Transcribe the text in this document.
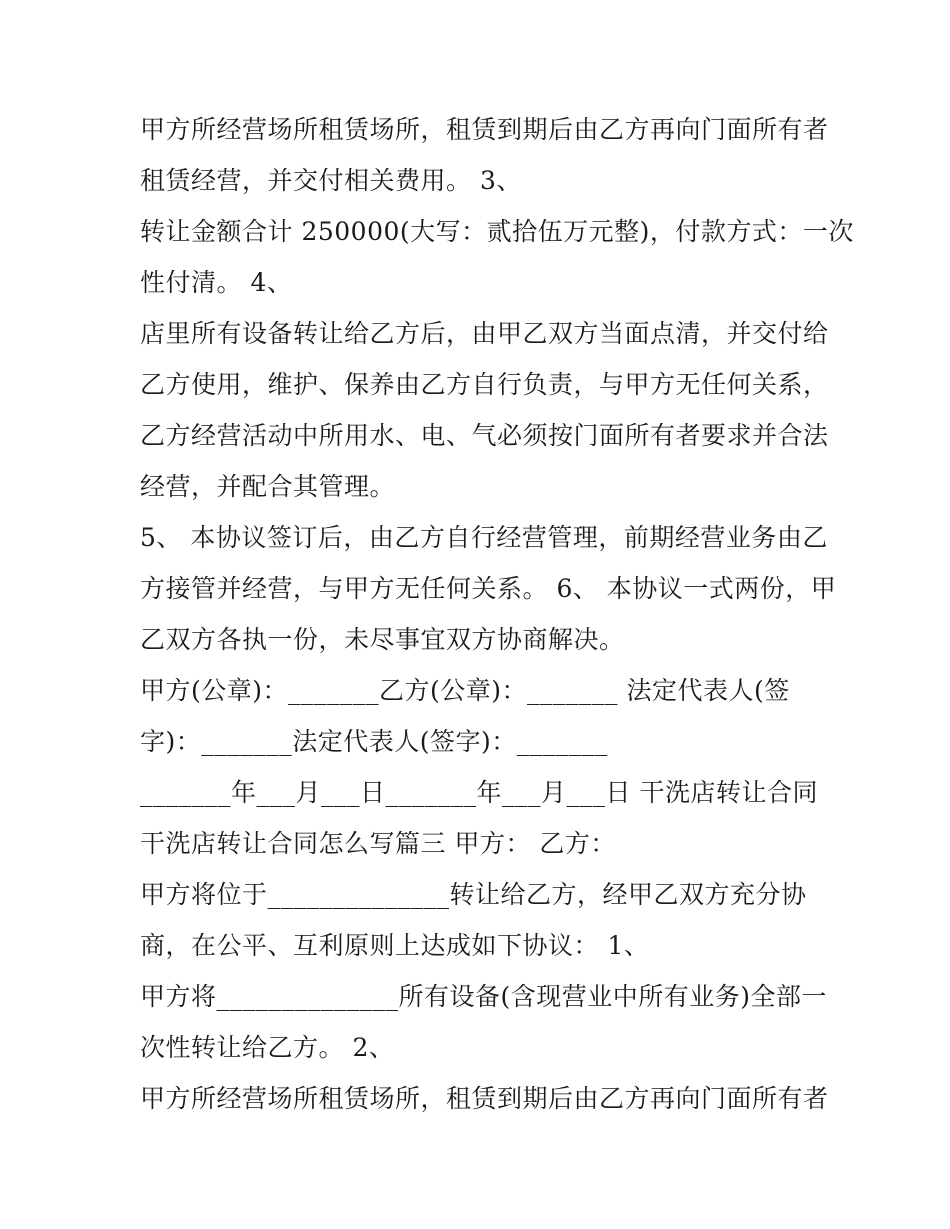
甲方所经营场所租赁场所，租赁到期后由乙方再向门面所有者
租赁经营，并交付相关费用。 3、
转让金额合计 250000(大写：贰拾伍万元整)，付款方式：一次
性付清。 4、
店里所有设备转让给乙方后，由甲乙双方当面点清，并交付给
乙方使用，维护、保养由乙方自行负责，与甲方无任何关系，
乙方经营活动中所用水、电、气必须按门面所有者要求并合法
经营，并配合其管理。
5、 本协议签订后，由乙方自行经营管理，前期经营业务由乙
方接管并经营，与甲方无任何关系。 6、 本协议一式两份，甲
乙双方各执一份，未尽事宜双方协商解决。
甲方(公章)：_______乙方(公章)：_______ 法定代表人(签
字)：_______法定代表人(签字)：_______
_______年___月___日_______年___月___日 干洗店转让合同
干洗店转让合同怎么写篇三 甲方： 乙方：
甲方将位于______________转让给乙方，经甲乙双方充分协
商，在公平、互利原则上达成如下协议： 1、
甲方将______________所有设备(含现营业中所有业务)全部一
次性转让给乙方。 2、
甲方所经营场所租赁场所，租赁到期后由乙方再向门面所有者
